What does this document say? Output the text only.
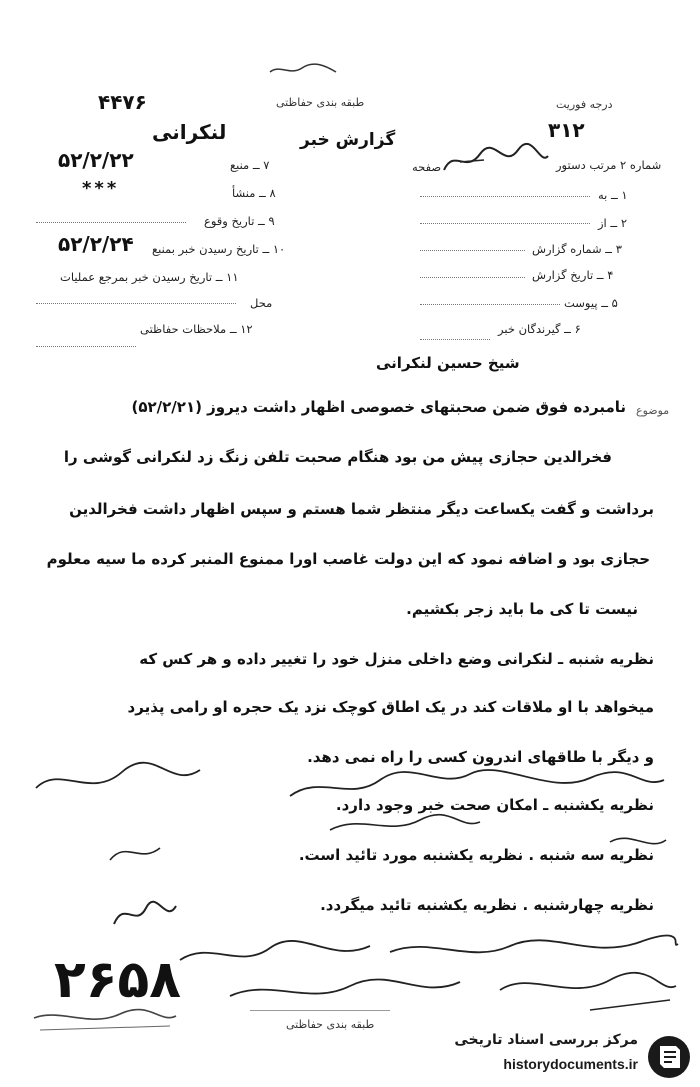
طبقه بندی حفاظتی
۴۴۷۶	درجه فوریت
لنکرانی	۳۱۲
گزارش خبر
صفحه	شماره ۲ مرتب دستور
۱ ــ به
۲ ــ از
۳ ــ شماره گزارش
۴ ــ تاریخ گزارش
۵ ــ پیوست
۶ ــ گیرندگان خبر

۷ ــ منبع
۵۲/۲/۲۲
۸ ــ منشأ
***
۹ ــ تاریخ وقوع
۱۰ ــ تاریخ رسیدن خبر بمنبع
۵۲/۲/۲۴
۱۱ ــ تاریخ رسیدن خبر بمرجع عملیات
محل
۱۲ ــ ملاحظات حفاظتی

شیخ حسین لنکرانی
موضوع
نامبرده فوق ضمن صحبتهای خصوصی اظهار داشت دیروز (۵۲/۲/۲۱)
فخرالدین حجازی پیش من بود هنگام صحبت تلفن زنگ زد لنکرانی گوشی را
برداشت و گفت یکساعت دیگر منتظر شما هستم و سپس اظهار داشت فخرالدین
حجازی بود و اضافه نمود که این دولت غاصب اورا ممنوع المنبر کرده ما سیه معلوم
نیست تا کی ما باید زجر بکشیم.
نظریه شنبه ـ لنکرانی وضع داخلی منزل خود را تغییر داده و هر کس که
میخواهد با او ملاقات کند در یک اطاق کوچک نزد یک حجره او رامی پذیرد
و دیگر با طاقهای اندرون کسی را راه نمی دهد.
نظریه یکشنبه ـ امکان صحت خبر وجود دارد.
نظریه سه شنبه . نظریه یکشنبه مورد تائید است.
نظریه چهارشنبه . نظریه یکشنبه تائید میگردد.
۲۶۵۸
طبقه بندی حفاظتی
مرکز بررسی اسناد تاریخی
historydocuments.ir
